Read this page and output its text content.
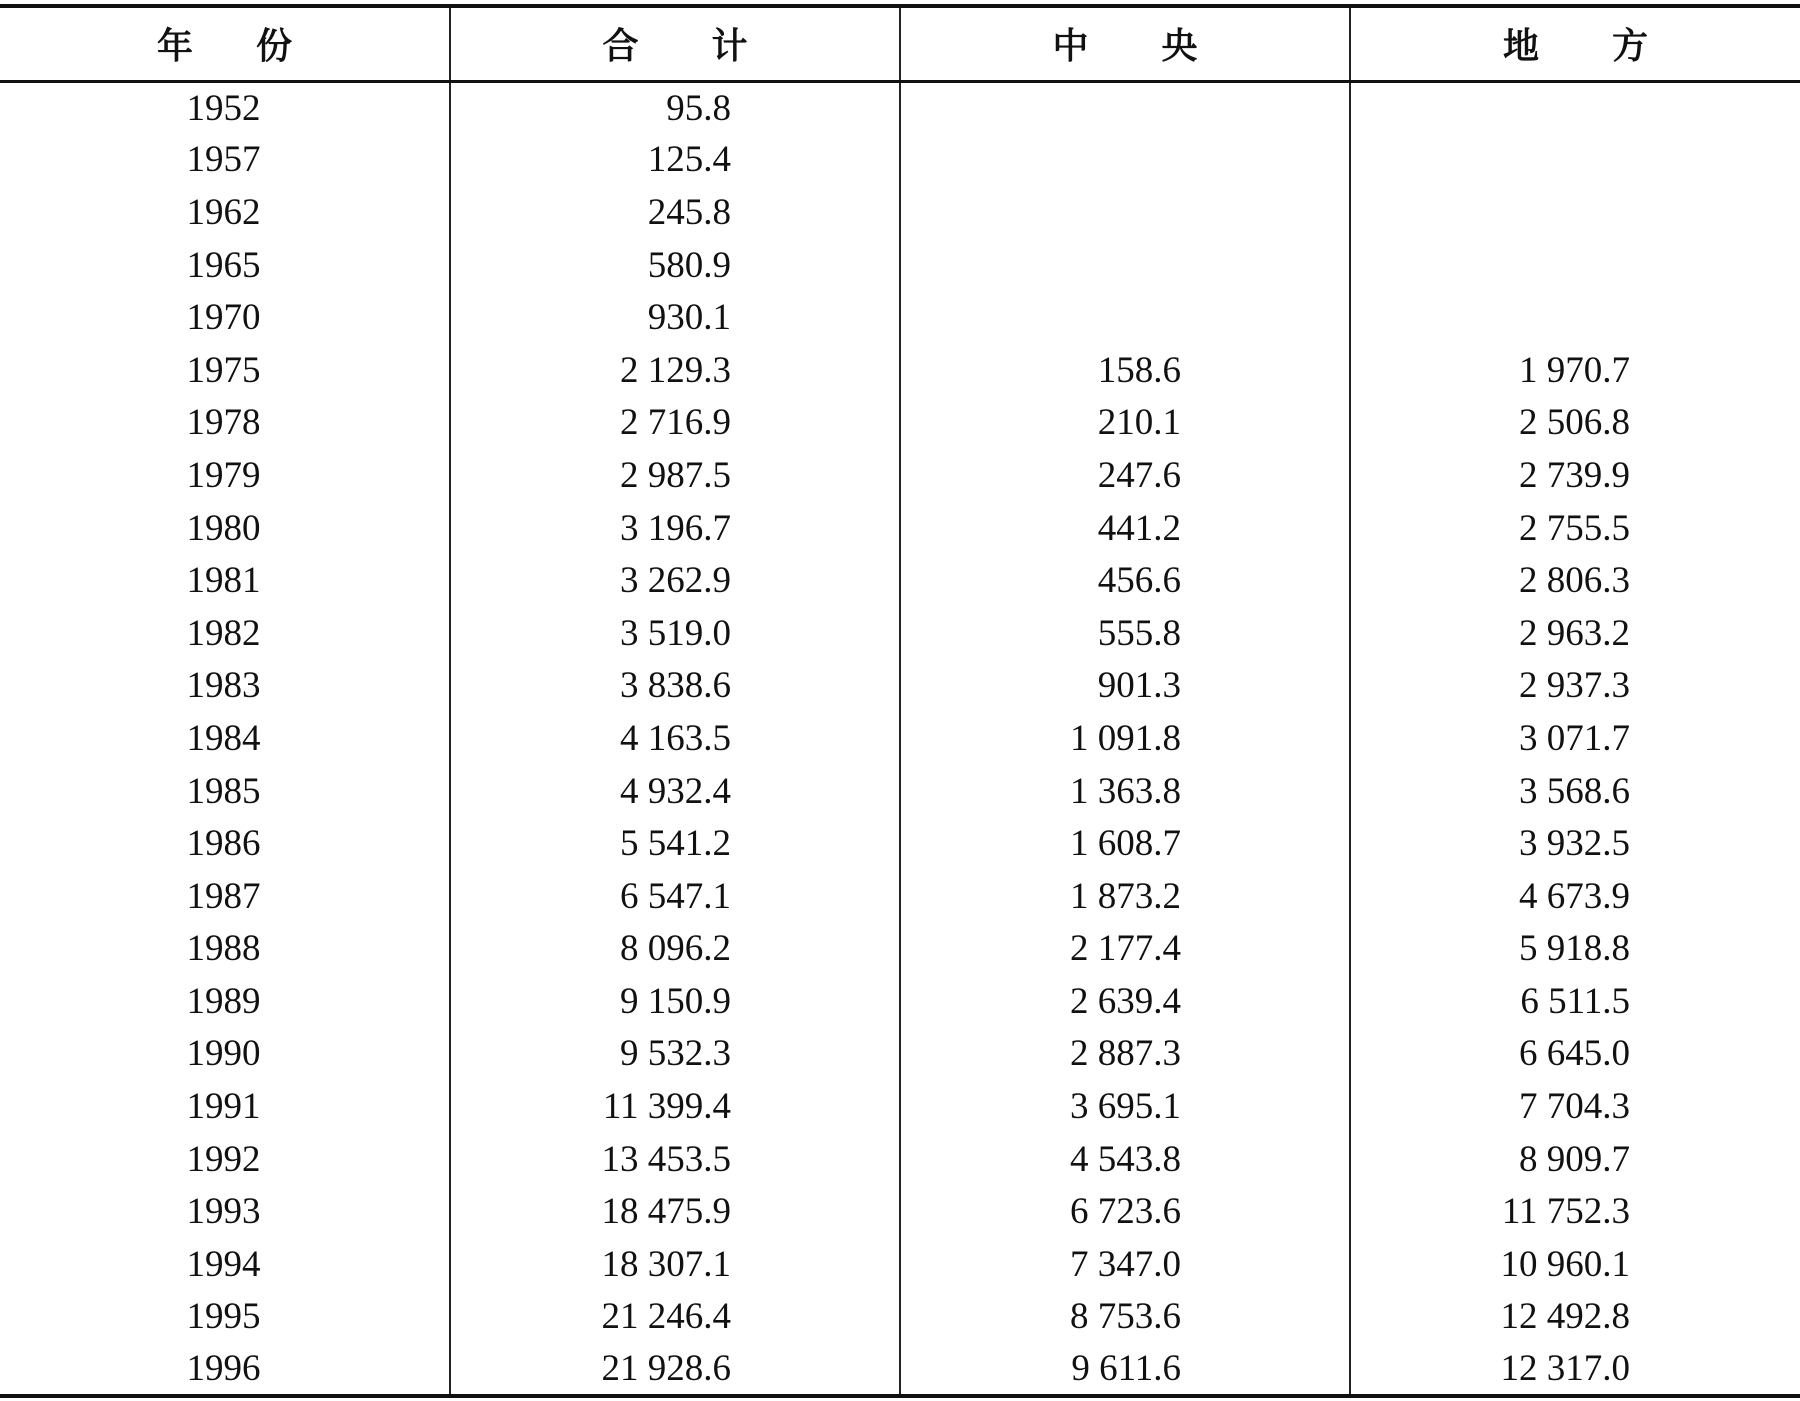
年 份	合 计	中 央	地 方

1952	95.8		
1957	125.4		
1962	245.8		
1965	580.9		
1970	930.1		
1975	2 129.3	158.6	1 970.7
1978	2 716.9	210.1	2 506.8
1979	2 987.5	247.6	2 739.9
1980	3 196.7	441.2	2 755.5
1981	3 262.9	456.6	2 806.3
1982	3 519.0	555.8	2 963.2
1983	3 838.6	901.3	2 937.3
1984	4 163.5	1 091.8	3 071.7
1985	4 932.4	1 363.8	3 568.6
1986	5 541.2	1 608.7	3 932.5
1987	6 547.1	1 873.2	4 673.9
1988	8 096.2	2 177.4	5 918.8
1989	9 150.9	2 639.4	6 511.5
1990	9 532.3	2 887.3	6 645.0
1991	11 399.4	3 695.1	7 704.3
1992	13 453.5	4 543.8	8 909.7
1993	18 475.9	6 723.6	11 752.3
1994	18 307.1	7 347.0	10 960.1
1995	21 246.4	8 753.6	12 492.8
1996	21 928.6	9 611.6	12 317.0
